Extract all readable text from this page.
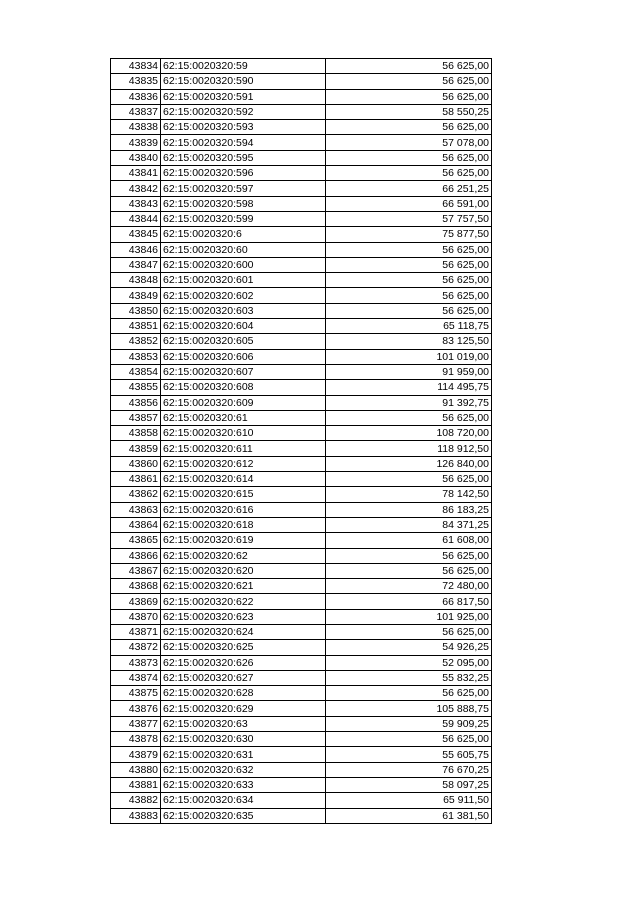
43834	62:15:0020320:59	56 625,00
43835	62:15:0020320:590	56 625,00
43836	62:15:0020320:591	56 625,00
43837	62:15:0020320:592	58 550,25
43838	62:15:0020320:593	56 625,00
43839	62:15:0020320:594	57 078,00
43840	62:15:0020320:595	56 625,00
43841	62:15:0020320:596	56 625,00
43842	62:15:0020320:597	66 251,25
43843	62:15:0020320:598	66 591,00
43844	62:15:0020320:599	57 757,50
43845	62:15:0020320:6	75 877,50
43846	62:15:0020320:60	56 625,00
43847	62:15:0020320:600	56 625,00
43848	62:15:0020320:601	56 625,00
43849	62:15:0020320:602	56 625,00
43850	62:15:0020320:603	56 625,00
43851	62:15:0020320:604	65 118,75
43852	62:15:0020320:605	83 125,50
43853	62:15:0020320:606	101 019,00
43854	62:15:0020320:607	91 959,00
43855	62:15:0020320:608	114 495,75
43856	62:15:0020320:609	91 392,75
43857	62:15:0020320:61	56 625,00
43858	62:15:0020320:610	108 720,00
43859	62:15:0020320:611	118 912,50
43860	62:15:0020320:612	126 840,00
43861	62:15:0020320:614	56 625,00
43862	62:15:0020320:615	78 142,50
43863	62:15:0020320:616	86 183,25
43864	62:15:0020320:618	84 371,25
43865	62:15:0020320:619	61 608,00
43866	62:15:0020320:62	56 625,00
43867	62:15:0020320:620	56 625,00
43868	62:15:0020320:621	72 480,00
43869	62:15:0020320:622	66 817,50
43870	62:15:0020320:623	101 925,00
43871	62:15:0020320:624	56 625,00
43872	62:15:0020320:625	54 926,25
43873	62:15:0020320:626	52 095,00
43874	62:15:0020320:627	55 832,25
43875	62:15:0020320:628	56 625,00
43876	62:15:0020320:629	105 888,75
43877	62:15:0020320:63	59 909,25
43878	62:15:0020320:630	56 625,00
43879	62:15:0020320:631	55 605,75
43880	62:15:0020320:632	76 670,25
43881	62:15:0020320:633	58 097,25
43882	62:15:0020320:634	65 911,50
43883	62:15:0020320:635	61 381,50
